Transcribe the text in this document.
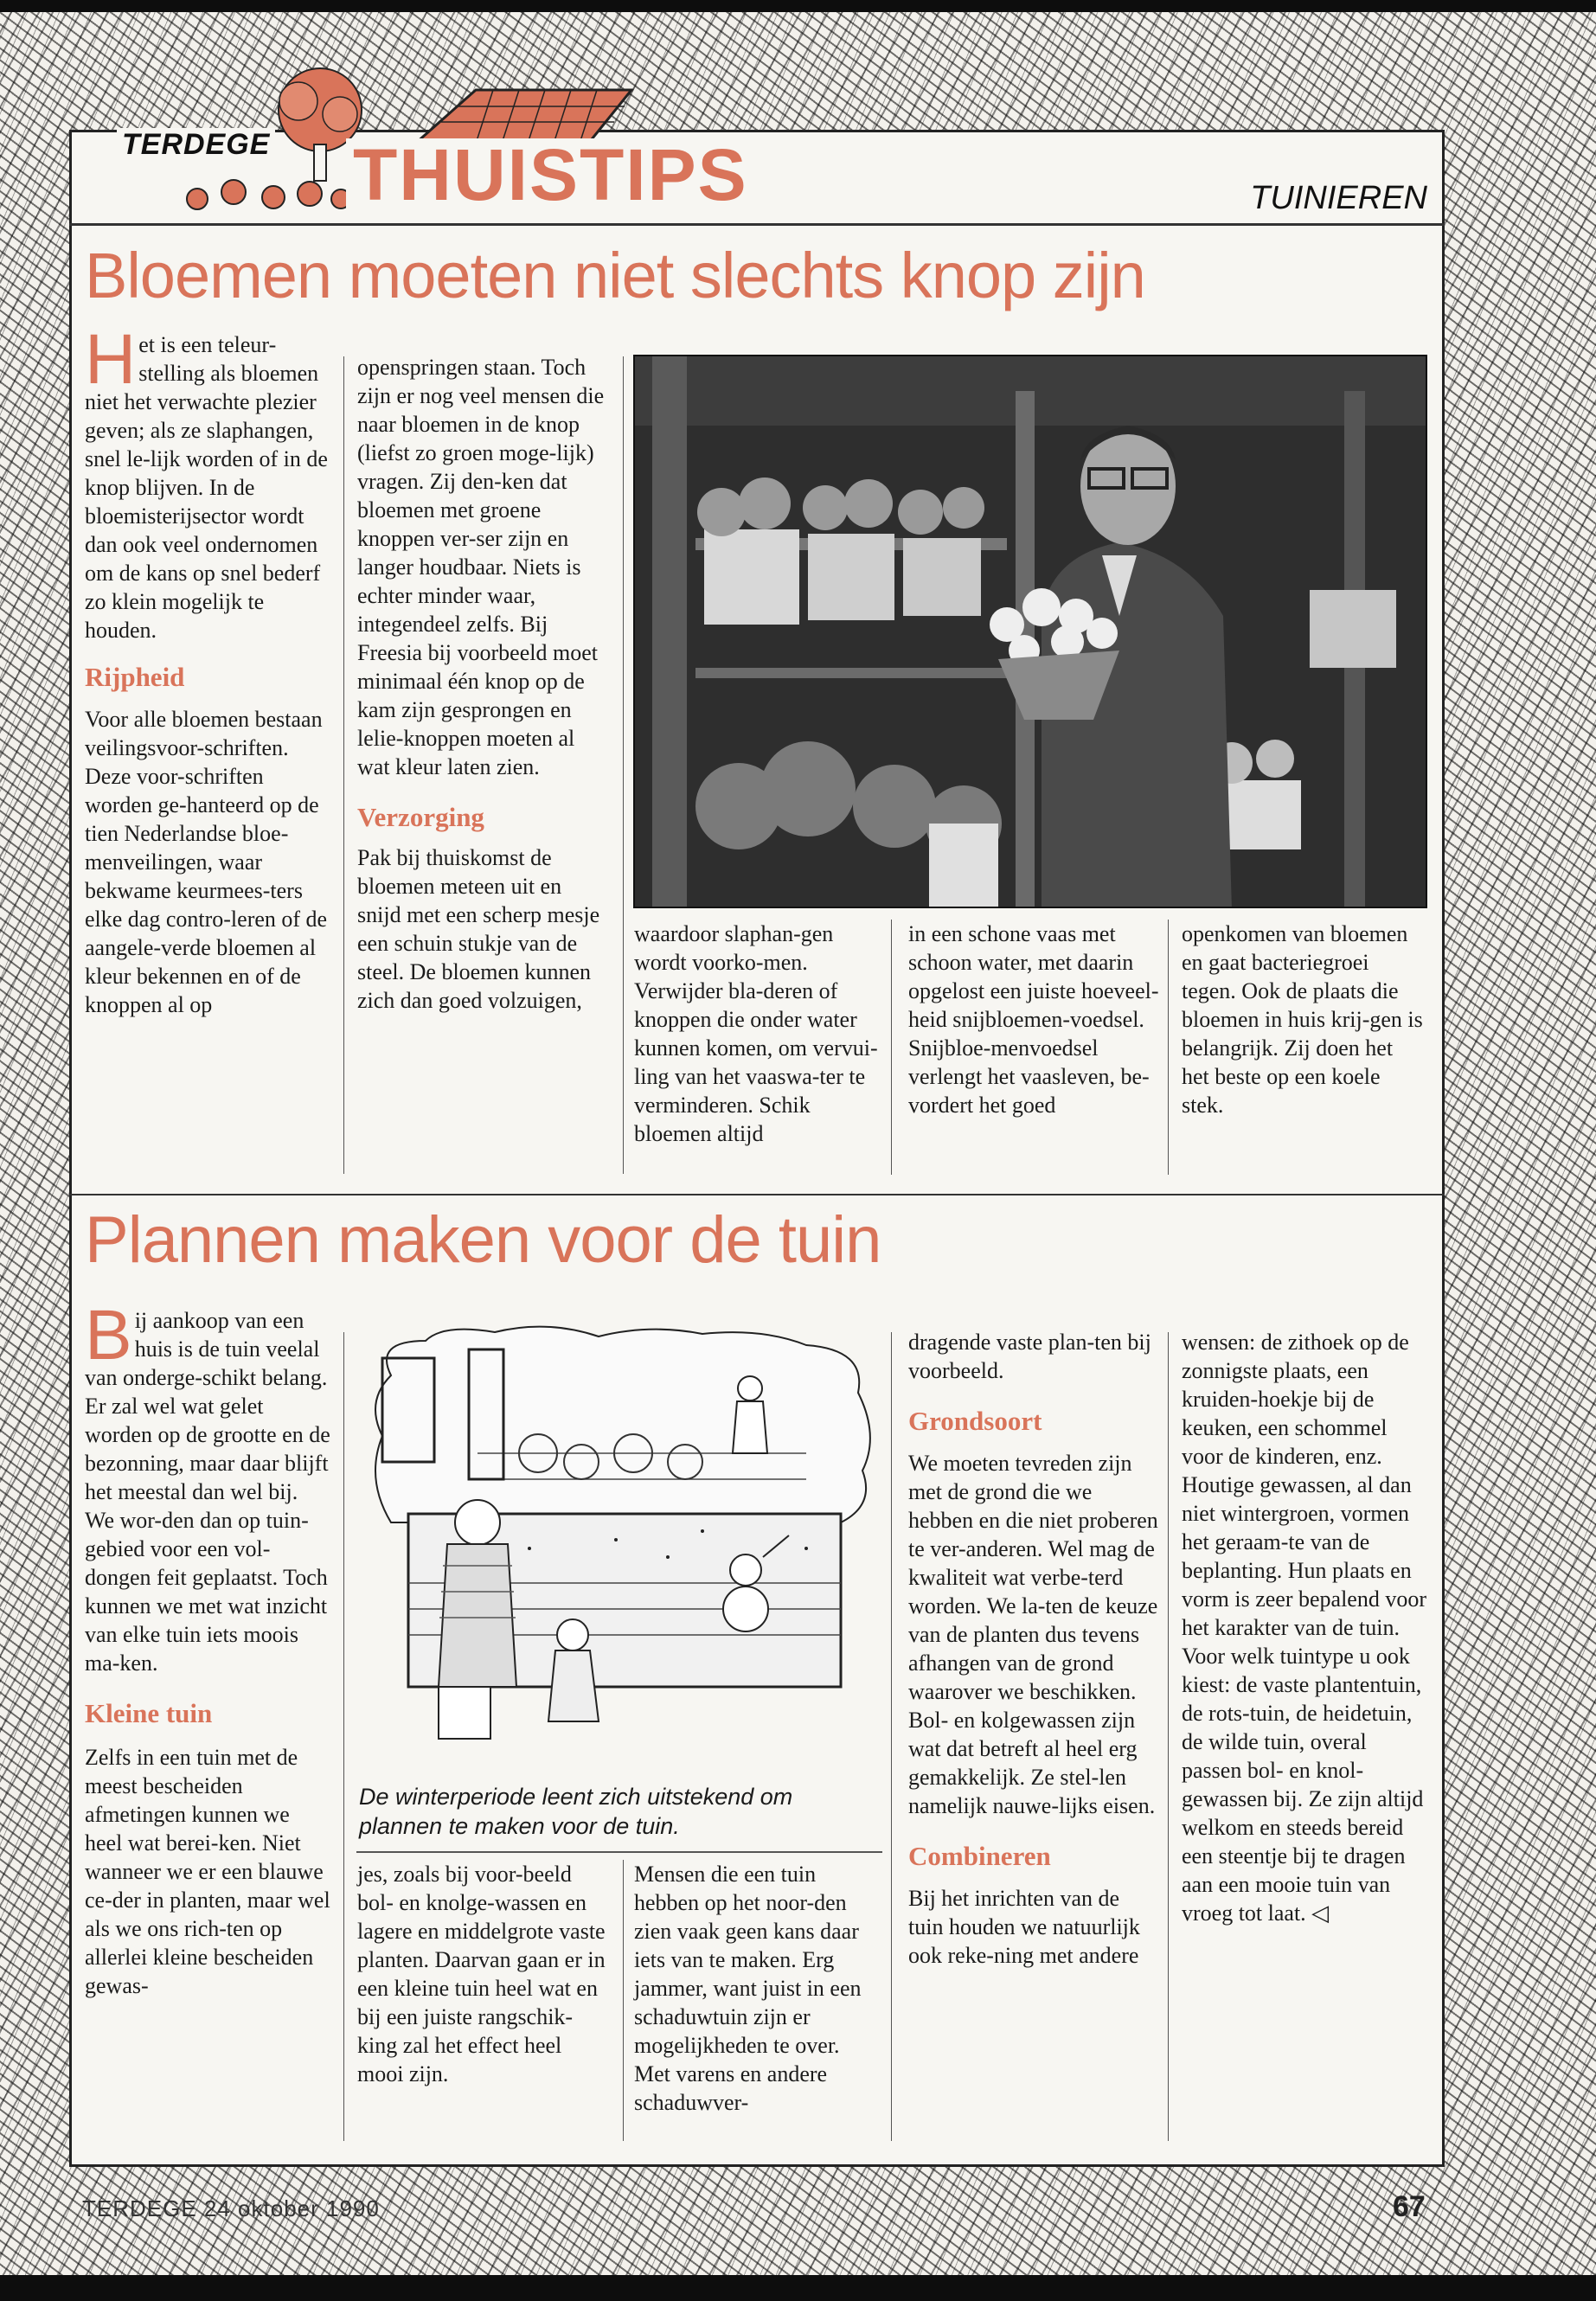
TERDEGE THUISTIPS	TUINIEREN
Bloemen moeten niet slechts knop zijn

Het is een teleur-stelling als bloemen niet het verwachte plezier geven; als ze slaphangen, snel le-lijk worden of in de knop blijven. In de bloemisterijsector wordt dan ook veel ondernomen om de kans op snel bederf zo klein mogelijk te houden.

Rijpheid

Voor alle bloemen bestaan veilingsvoor-schriften. Deze voor-schriften worden ge-hanteerd op de tien Nederlandse bloe-menveilingen, waar bekwame keurmees-ters elke dag contro-leren of de aangele-verde bloemen al kleur bekennen en of de knoppen al op

openspringen staan. Toch zijn er nog veel mensen die naar bloemen in de knop (liefst zo groen moge-lijk) vragen. Zij den-ken dat bloemen met groene knoppen ver-ser zijn en langer houdbaar. Niets is echter minder waar, integendeel zelfs. Bij Freesia bij voorbeeld moet minimaal één knop op de kam zijn gesprongen en lelie-knoppen moeten al wat kleur laten zien.

Verzorging

Pak bij thuiskomst de bloemen meteen uit en snijd met een scherp mesje een schuin stukje van de steel. De bloemen kunnen zich dan goed volzuigen,

waardoor slaphan-gen wordt voorko-men. Verwijder bla-deren of knoppen die onder water kunnen komen, om vervui-ling van het vaaswa-ter te verminderen. Schik bloemen altijd
in een schone vaas met schoon water, met daarin opgelost een juiste hoeveel-heid snijbloemen-voedsel. Snijbloe-menvoedsel verlengt het vaasleven, be-vordert het goed
openkomen van bloemen en gaat bacteriegroei tegen. Ook de plaats die bloemen in huis krij-gen is belangrijk. Zij doen het het beste op een koele stek.
Plannen maken voor de tuin

Bij aankoop van een huis is de tuin veelal van onderge-schikt belang. Er zal wel wat gelet worden op de grootte en de bezonning, maar daar blijft het meestal dan wel bij. We wor-den dan op tuin-gebied voor een vol-dongen feit geplaatst. Toch kunnen we met wat inzicht van elke tuin iets moois ma-ken.

Kleine tuin

Zelfs in een tuin met de meest bescheiden afmetingen kunnen we heel wat berei-ken. Niet wanneer we er een blauwe ce-der in planten, maar wel als we ons rich-ten op allerlei kleine bescheiden gewas-

De winterperiode leent zich uitstekend om plannen te maken voor de tuin.
jes, zoals bij voor-beeld bol- en knolge-wassen en lagere en middelgrote vaste planten. Daarvan gaan er in een kleine tuin heel wat en bij een juiste rangschik-king zal het effect heel mooi zijn.
Mensen die een tuin hebben op het noor-den zien vaak geen kans daar iets van te maken. Erg jammer, want juist in een schaduwtuin zijn er mogelijkheden te over. Met varens en andere schaduwver-

dragende vaste plan-ten bij voorbeeld.

Grondsoort

We moeten tevreden zijn met de grond die we hebben en die niet proberen te ver-anderen. Wel mag de kwaliteit wat verbe-terd worden. We la-ten de keuze van de planten dus tevens afhangen van de grond waarover we beschikken. Bol- en kolgewassen zijn wat dat betreft al heel erg gemakkelijk. Ze stel-len namelijk nauwe-lijks eisen.

Combineren

Bij het inrichten van de tuin houden we natuurlijk ook reke-ning met andere

wensen: de zithoek op de zonnigste plaats, een kruiden-hoekje bij de keuken, een schommel voor de kinderen, enz. Houtige gewassen, al dan niet wintergroen, vormen het geraam-te van de beplanting. Hun plaats en vorm is zeer bepalend voor het karakter van de tuin. Voor welk tuintype u ook kiest: de vaste plantentuin, de rots-tuin, de heidetuin, de wilde tuin, overal passen bol- en knol-gewassen bij. Ze zijn altijd welkom en steeds bereid een steentje bij te dragen aan een mooie tuin van vroeg tot laat. ◁
TERDEGE 24 oktober 1990	67
